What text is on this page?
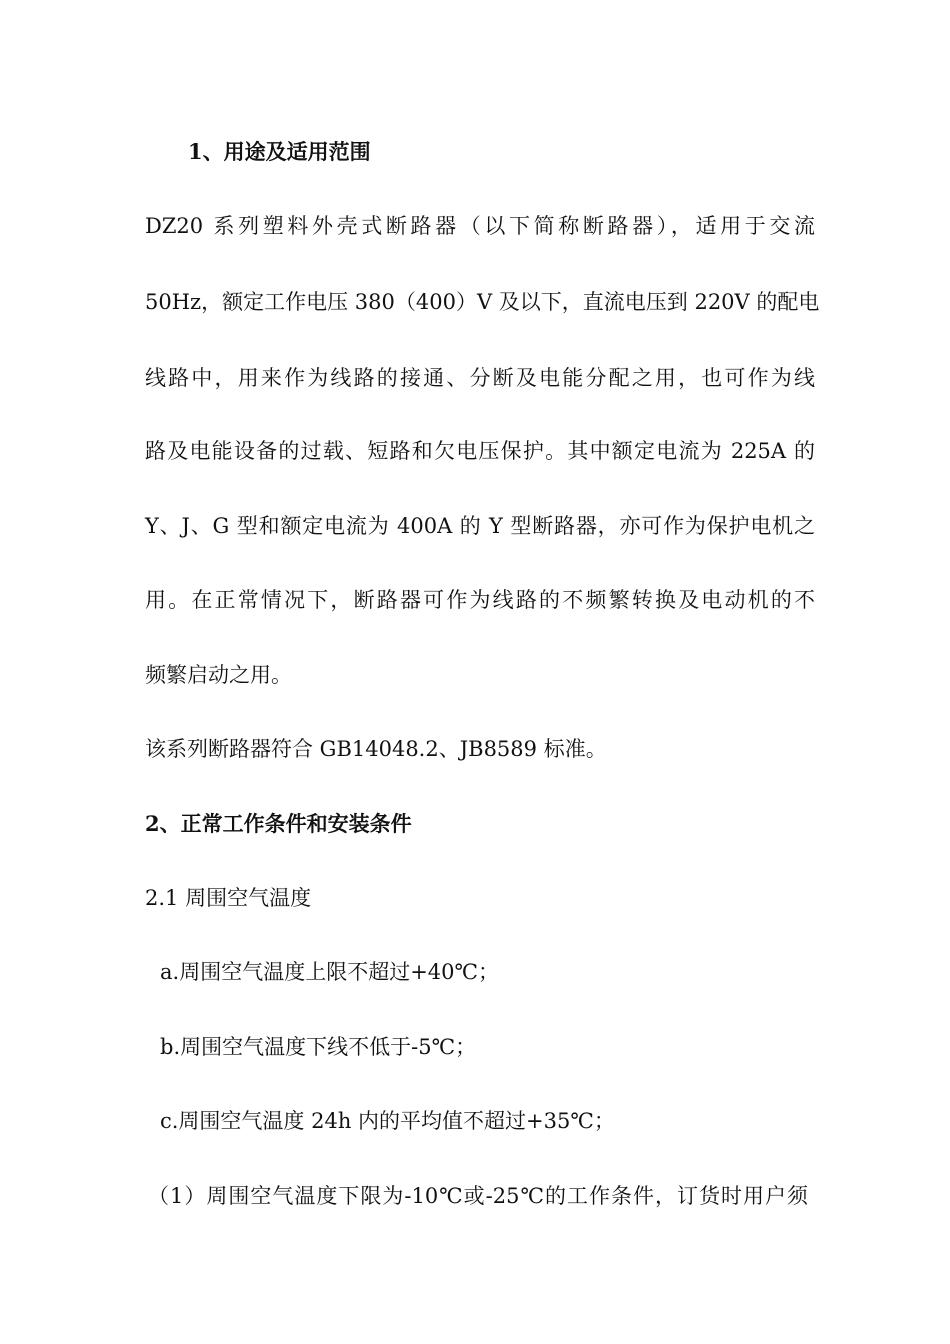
1、用途及适用范围
DZ20 系列塑料外壳式断路器（以下简称断路器），适用于交流
50Hz，额定工作电压 380（400）V 及以下，直流电压到 220V 的配电
线路中，用来作为线路的接通、分断及电能分配之用，也可作为线
路及电能设备的过载、短路和欠电压保护。其中额定电流为 225A 的
Y、J、G 型和额定电流为 400A 的 Y 型断路器，亦可作为保护电机之
用。在正常情况下，断路器可作为线路的不频繁转换及电动机的不
频繁启动之用。
该系列断路器符合 GB14048.2、JB8589 标准。
2、正常工作条件和安装条件
2.1 周围空气温度
a.周围空气温度上限不超过+40℃；
b.周围空气温度下线不低于-5℃；
c.周围空气温度 24h 内的平均值不超过+35℃；
（1）周围空气温度下限为-10℃或-25℃的工作条件，订货时用户须
